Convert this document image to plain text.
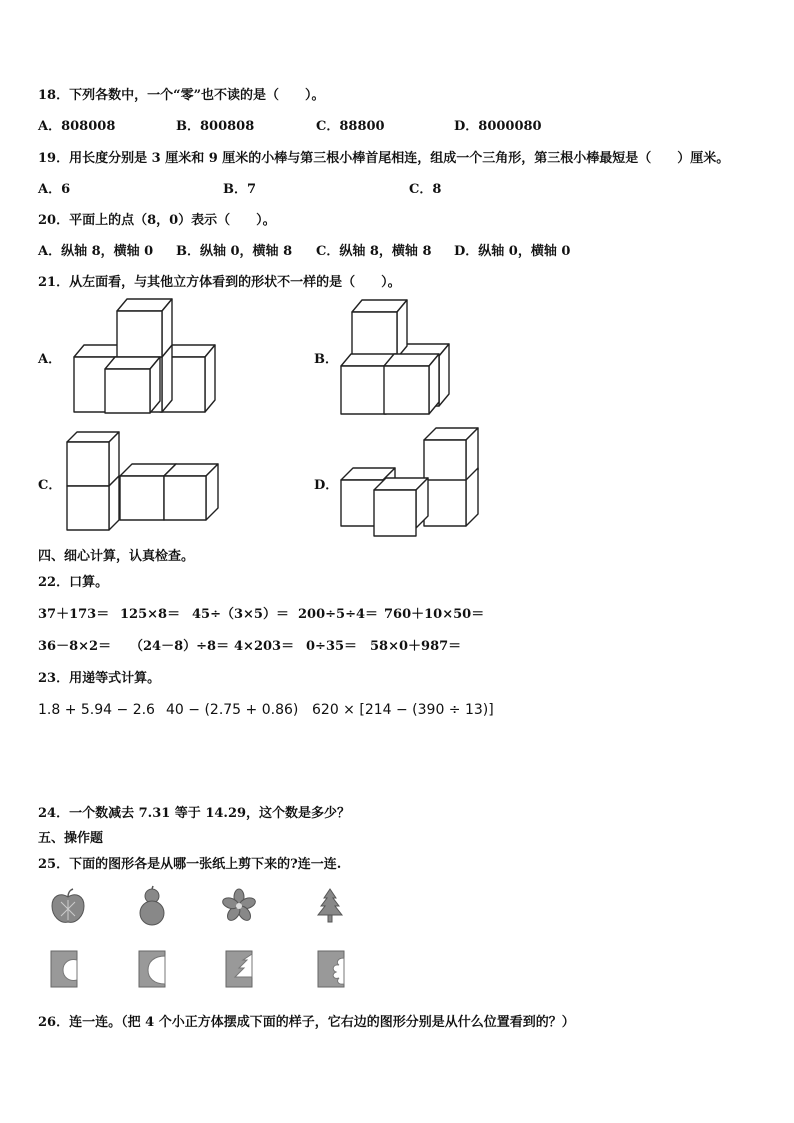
18．下列各数中，一个“零”也不读的是（　　）。
A．808008	B．800808	C．88800	D．8000080
19．用长度分别是 3 厘米和 9 厘米的小棒与第三根小棒首尾相连，组成一个三角形，第三根小棒最短是（　　）厘米。
A．6	B．7	C．8
20．平面上的点（8，0）表示（　　）。
A．纵轴 8，横轴 0 B．纵轴 0，横轴 8 C．纵轴 8，横轴 8 D．纵轴 0，横轴 0
21．从左面看，与其他立方体看到的形状不一样的是（　　）。
A．	B．
C．	D．
四、细心计算，认真检查。
22．口算。
37＋173＝ 125×8＝ 45÷（3×5）＝ 200÷5÷4＝ 760＋10×50＝
36－8×2＝ （24－8）÷8＝ 4×203＝ 0÷35＝ 58×0＋987＝
23．用递等式计算。
1.8 + 5.94 − 2.6 40 − (2.75 + 0.86) 620 × [214 − (390 ÷ 13)]
24．一个数减去 7.31 等于 14.29，这个数是多少？
五、操作题
25．下面的图形各是从哪一张纸上剪下来的?连一连.
26．连一连。（把 4 个小正方体摆成下面的样子，它右边的图形分别是从什么位置看到的？）
